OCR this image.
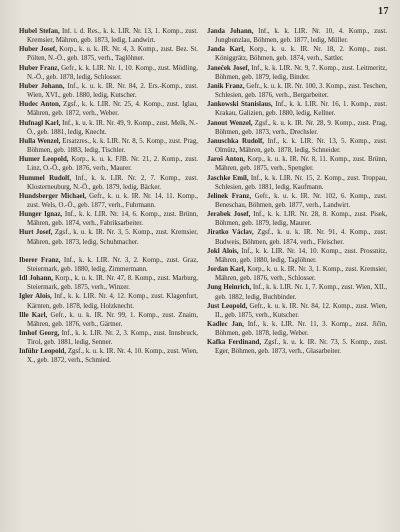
17

Hubel Stefan, Inf. i. d. Res., k. k. LIR. Nr. 13, 1. Komp., zust. Kremsier, Mähren, geb. 1873, ledig, Landwirt.

Huber Josef, Korp., k. u. k. IR. Nr. 4, 3. Komp., zust. Bez. St. Pölten, N.-Ö., geb. 1875, verh., Taglöhner.

Huber Franz, Gefr., k. k. LIR. Nr. 1, 10. Komp., zust. Mödling, N.-Ö., geb. 1878, ledig, Schlosser.

Huber Johann, Inf., k. u. k. IR. Nr. 84, 2. Ers.-Komp., zust. Wien, XVI., geb. 1880, ledig, Kutscher.

Hudec Anton, Zgsf., k. k. LIR. Nr. 25, 4. Komp., zust. Iglau, Mähren, geb. 1872, verh., Weber.

Hufnagl Karl, Inf., k. u. k. IR. Nr. 49, 9. Komp., zust. Melk, N.-Ö., geb. 1881, ledig, Knecht.

Hulla Wenzel, Ersatzres., k. k. LIR. Nr. 8, 5. Komp., zust. Prag, Böhmen, geb. 1883, ledig, Tischler.

Humer Leopold, Korp., k. u. k. FJB. Nr. 21, 2. Komp., zust. Linz, O.-Ö., geb. 1876, verh., Maurer.

Hummel Rudolf, Inf., k. k. LIR. Nr. 2, 7. Komp., zust. Klosterneuburg, N.-Ö., geb. 1879, ledig, Bäcker.

Hundsberger Michael, Gefr., k. u. k. IR. Nr. 14, 11. Komp., zust. Wels, O.-Ö., geb. 1877, verh., Fuhrmann.

Hunger Ignaz, Inf., k. k. LIR. Nr. 14, 6. Komp., zust. Brünn, Mähren, geb. 1874, verh., Fabriksarbeiter.

Hurt Josef, Zgsf., k. u. k. IR. Nr. 3, 5. Komp., zust. Kremsier, Mähren, geb. 1873, ledig, Schuhmacher.

Iberer Franz, Inf., k. k. LIR. Nr. 3, 2. Komp., zust. Graz, Steiermark, geb. 1880, ledig, Zimmermann.

Idl Johann, Korp., k. u. k. IR. Nr. 47, 8. Komp., zust. Marburg, Steiermark, geb. 1875, verh., Winzer.

Igler Alois, Inf., k. k. LIR. Nr. 4, 12. Komp., zust. Klagenfurt, Kärnten, geb. 1878, ledig, Holzknecht.

Ille Karl, Gefr., k. u. k. IR. Nr. 99, 1. Komp., zust. Znaim, Mähren, geb. 1876, verh., Gärtner.

Imhof Georg, Inf., k. k. LIR. Nr. 2, 3. Komp., zust. Innsbruck, Tirol, geb. 1881, ledig, Senner.

Inführ Leopold, Zgsf., k. u. k. IR. Nr. 4, 10. Komp., zust. Wien, X., geb. 1872, verh., Schmied.

Janda Johann, Inf., k. k. LIR. Nr. 10, 4. Komp., zust. Jungbunzlau, Böhmen, geb. 1877, ledig, Müller.

Janda Karl, Korp., k. u. k. IR. Nr. 18, 2. Komp., zust. Königgrätz, Böhmen, geb. 1874, verh., Sattler.

Janeček Josef, Inf., k. k. LIR. Nr. 9, 7. Komp., zust. Leitmeritz, Böhmen, geb. 1879, ledig, Binder.

Janik Franz, Gefr., k. u. k. IR. Nr. 100, 3. Komp., zust. Teschen, Schlesien, geb. 1876, verh., Bergarbeiter.

Jankowski Stanislaus, Inf., k. k. LIR. Nr. 16, 1. Komp., zust. Krakau, Galizien, geb. 1880, ledig, Kellner.

Janout Wenzel, Zgsf., k. u. k. IR. Nr. 28, 9. Komp., zust. Prag, Böhmen, geb. 1873, verh., Drechsler.

Januschka Rudolf, Inf., k. k. LIR. Nr. 13, 5. Komp., zust. Olmütz, Mähren, geb. 1878, ledig, Schneider.

Jaroš Anton, Korp., k. u. k. IR. Nr. 8, 11. Komp., zust. Brünn, Mähren, geb. 1875, verh., Spengler.

Jaschke Emil, Inf., k. k. LIR. Nr. 15, 2. Komp., zust. Troppau, Schlesien, geb. 1881, ledig, Kaufmann.

Jelinek Franz, Gefr., k. u. k. IR. Nr. 102, 6. Komp., zust. Beneschau, Böhmen, geb. 1877, verh., Landwirt.

Jerabek Josef, Inf., k. k. LIR. Nr. 28, 8. Komp., zust. Pisek, Böhmen, geb. 1879, ledig, Maurer.

Jiratko Václav, Zgsf., k. u. k. IR. Nr. 91, 4. Komp., zust. Budweis, Böhmen, geb. 1874, verh., Fleischer.

Jokl Alois, Inf., k. k. LIR. Nr. 14, 10. Komp., zust. Prossnitz, Mähren, geb. 1880, ledig, Taglöhner.

Jordan Karl, Korp., k. u. k. IR. Nr. 3, 1. Komp., zust. Kremsier, Mähren, geb. 1876, verh., Schlosser.

Jung Heinrich, Inf., k. k. LIR. Nr. 1, 7. Komp., zust. Wien, XII., geb. 1882, ledig, Buchbinder.

Just Leopold, Gefr., k. u. k. IR. Nr. 84, 12. Komp., zust. Wien, II., geb. 1875, verh., Kutscher.

Kadlec Jan, Inf., k. k. LIR. Nr. 11, 3. Komp., zust. Jičin, Böhmen, geb. 1878, ledig, Weber.

Kafka Ferdinand, Zgsf., k. u. k. IR. Nr. 73, 5. Komp., zust. Eger, Böhmen, geb. 1873, verh., Glasarbeiter.
